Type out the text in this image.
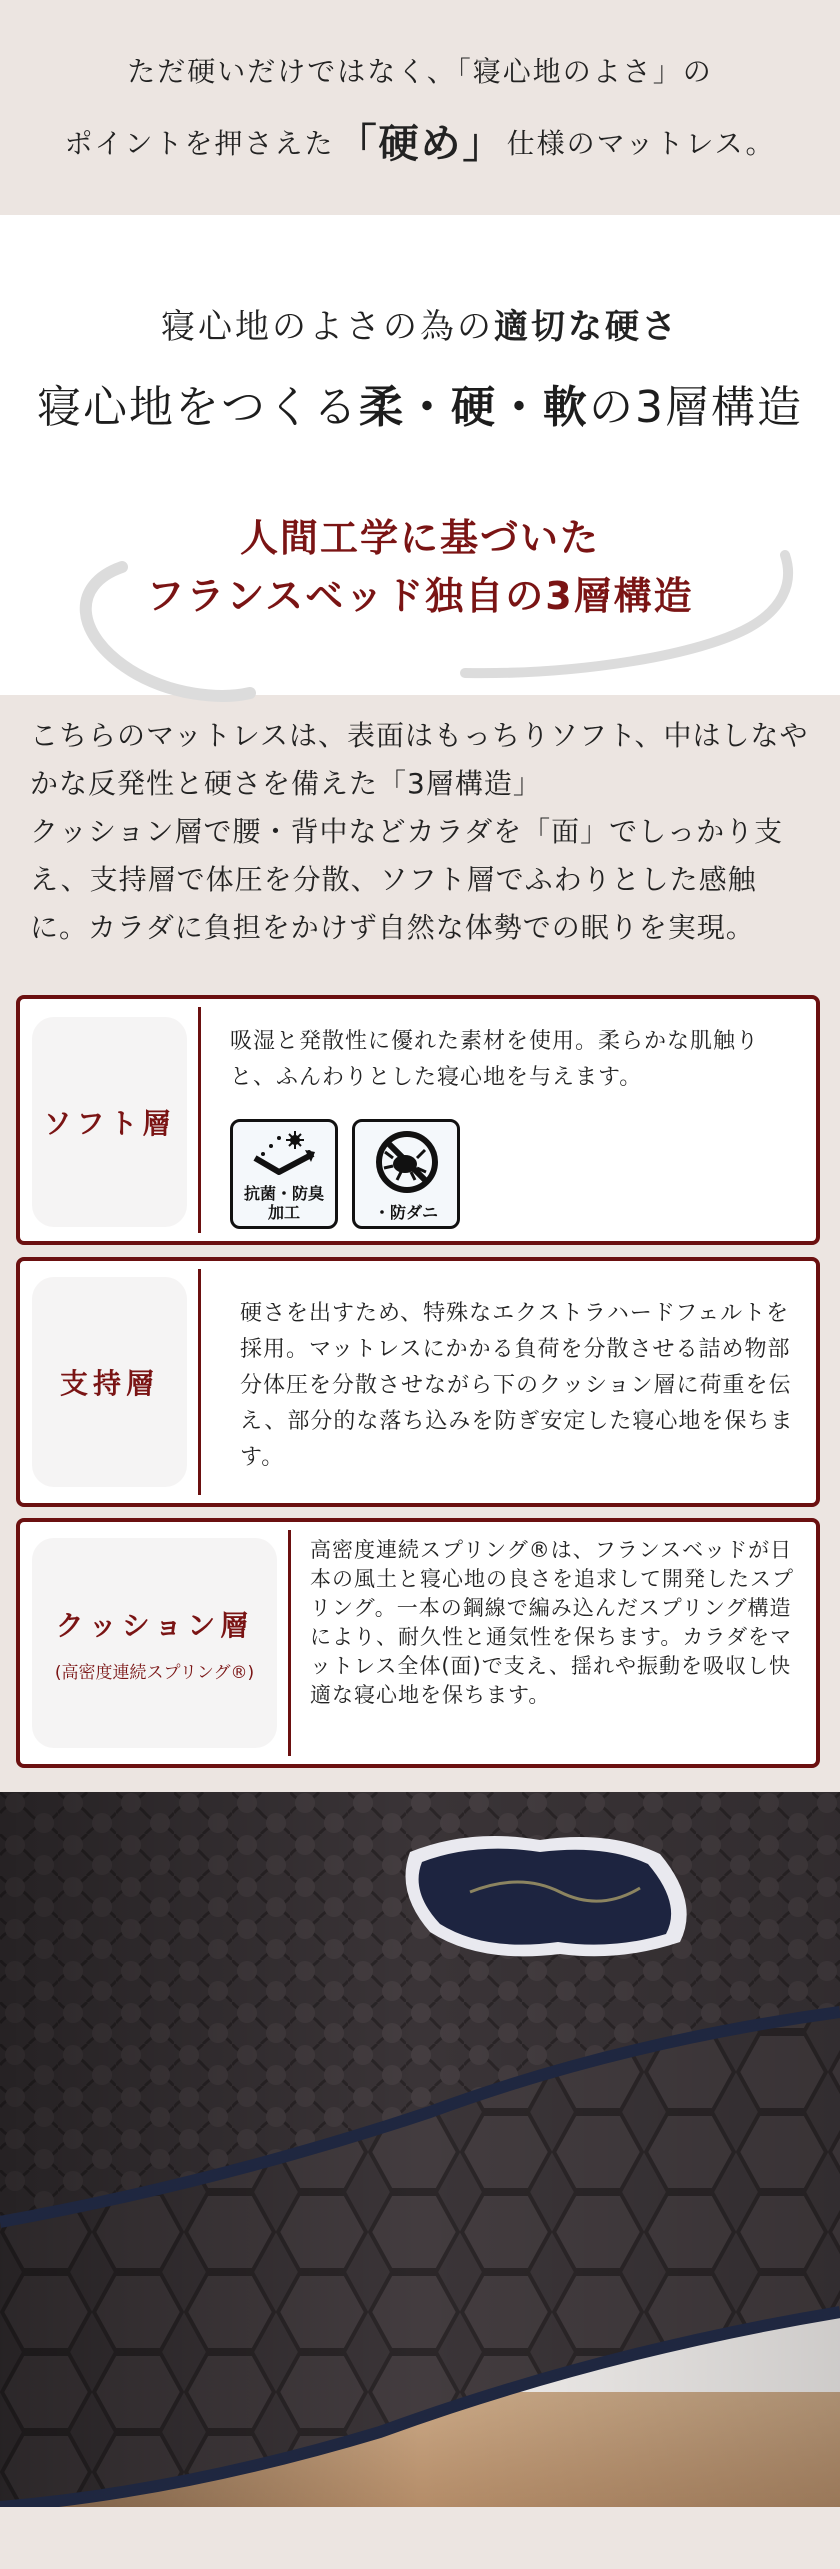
ただ硬いだけではなく、「寝心地のよさ」の
ポイントを押さえた「硬め」仕様のマットレス。
寝心地のよさの為の適切な硬さ
寝心地をつくる柔・硬・軟の3層構造
人間工学に基づいた
フランスベッド独自の3層構造

こちらのマットレスは、表面はもっちりソフト、中はしなやかな反発性と硬さを備えた「3層構造」

クッション層で腰・背中などカラダを「面」でしっかり支え、支持層で体圧を分散、ソフト層でふわりとした感触に。カラダに負担をかけず自然な体勢での眠りを実現。

ソフト層
吸湿と発散性に優れた素材を使用。柔らかな肌触りと、ふんわりとした寝心地を与えます。
抗菌・防臭
加工	・防ダニ
支持層
硬さを出すため、特殊なエクストラハードフェルトを採用。マットレスにかかる負荷を分散させる詰め物部分体圧を分散させながら下のクッション層に荷重を伝え、部分的な落ち込みを防ぎ安定した寝心地を保ちます。
クッション層
(高密度連続スプリング®)
高密度連続スプリング®は、フランスベッドが日本の風土と寝心地の良さを追求して開発したスプリング。一本の鋼線で編み込んだスプリング構造により、耐久性と通気性を保ちます。カラダをマットレス全体(面)で支え、揺れや振動を吸収し快適な寝心地を保ちます。
